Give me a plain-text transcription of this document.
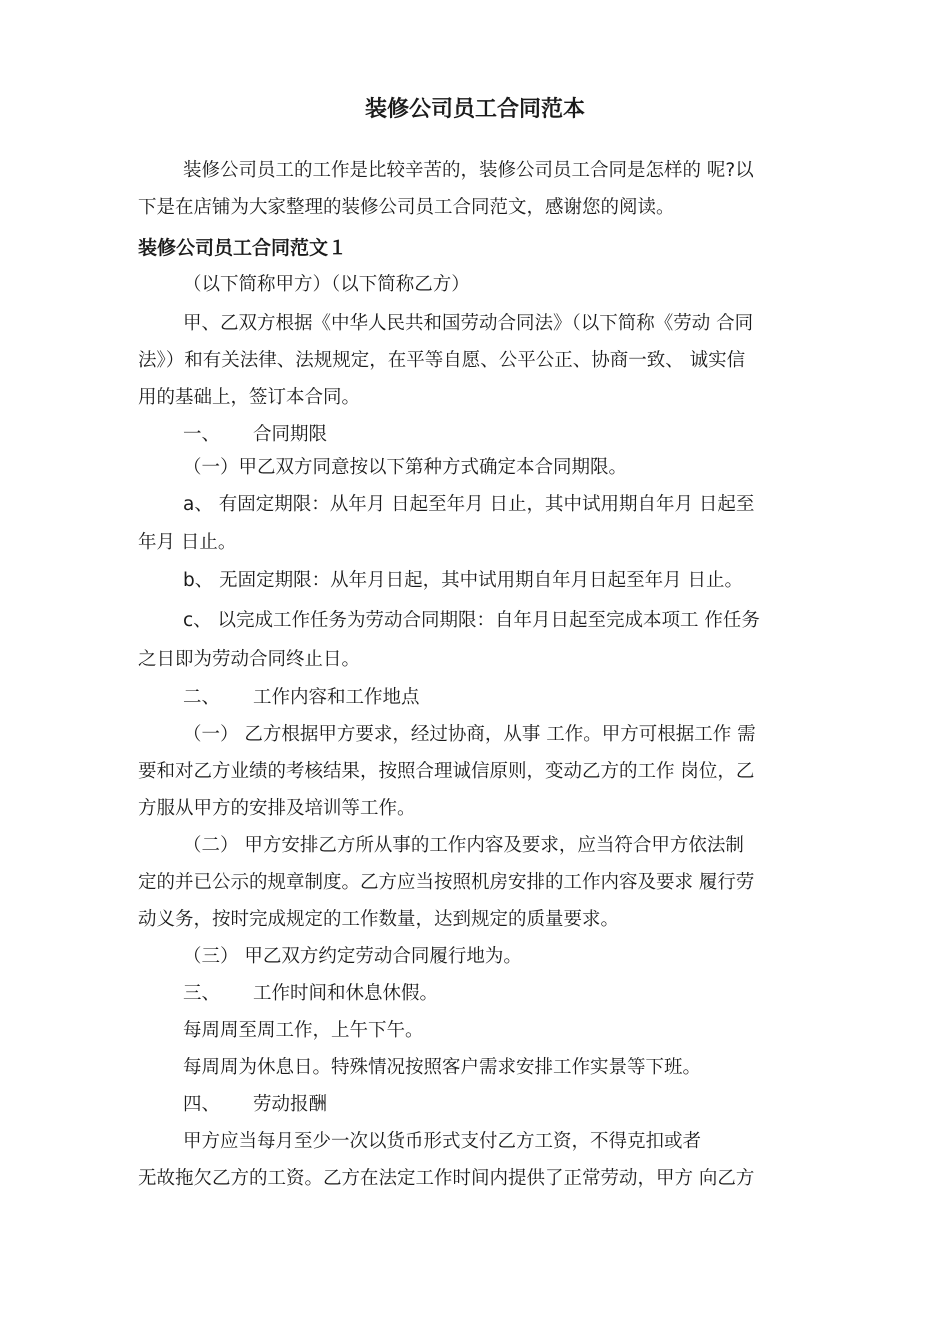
装修公司员工合同范本
装修公司员工的工作是比较辛苦的，装修公司员工合同是怎样的 呢?以
下是在店铺为大家整理的装修公司员工合同范文，感谢您的阅读。
装修公司员工合同范文１
（以下简称甲方）（以下简称乙方）
甲、乙双方根据《中华人民共和国劳动合同法》（以下简称《劳动 合同
法》）和有关法律、法规规定，在平等自愿、公平公正、协商一致、 诚实信
用的基础上，签订本合同。
一、 合同期限
（一）甲乙双方同意按以下第种方式确定本合同期限。
a、 有固定期限：从年月 日起至年月 日止，其中试用期自年月 日起至
年月 日止。
b、 无固定期限：从年月日起，其中试用期自年月日起至年月 日止。
c、 以完成工作任务为劳动合同期限：自年月日起至完成本项工 作任务
之日即为劳动合同终止日。
二、 工作内容和工作地点
（一） 乙方根据甲方要求，经过协商，从事 工作。甲方可根据工作 需
要和对乙方业绩的考核结果，按照合理诚信原则，变动乙方的工作 岗位，乙
方服从甲方的安排及培训等工作。
（二） 甲方安排乙方所从事的工作内容及要求，应当符合甲方依法制
定的并已公示的规章制度。乙方应当按照机房安排的工作内容及要求 履行劳
动义务，按时完成规定的工作数量，达到规定的质量要求。
（三） 甲乙双方约定劳动合同履行地为。
三、 工作时间和休息休假。
每周周至周工作，上午下午。
每周周为休息日。特殊情况按照客户需求安排工作实景等下班。
四、 劳动报酬
甲方应当每月至少一次以货币形式支付乙方工资，不得克扣或者
无故拖欠乙方的工资。乙方在法定工作时间内提供了正常劳动，甲方 向乙方
